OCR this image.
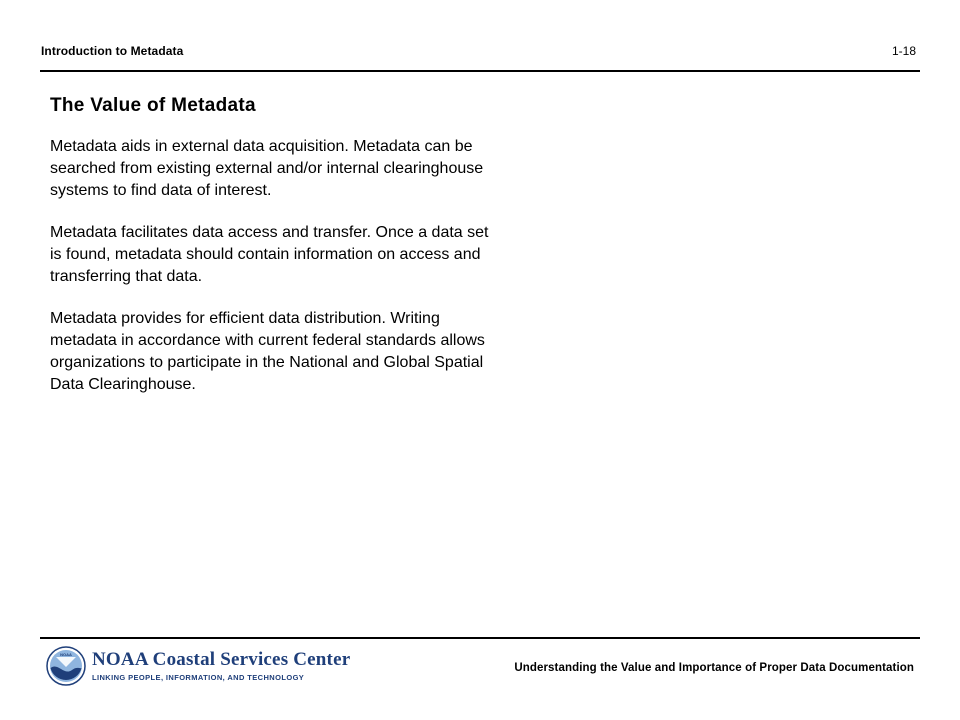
Introduction to Metadata	1-18
The Value of Metadata

Metadata aids in external data acquisition. Metadata can be searched from existing external and/or internal clearinghouse systems to find data of interest.

Metadata facilitates data access and transfer. Once a data set is found, metadata should contain information on access and transferring that data.

Metadata provides for efficient data distribution. Writing metadata in accordance with current federal standards allows organizations to participate in the National and Global Spatial Data Clearinghouse.

NOAA NOAA Coastal Services Center
LINKING PEOPLE, INFORMATION, AND TECHNOLOGY
Understanding the Value and Importance of Proper Data Documentation
